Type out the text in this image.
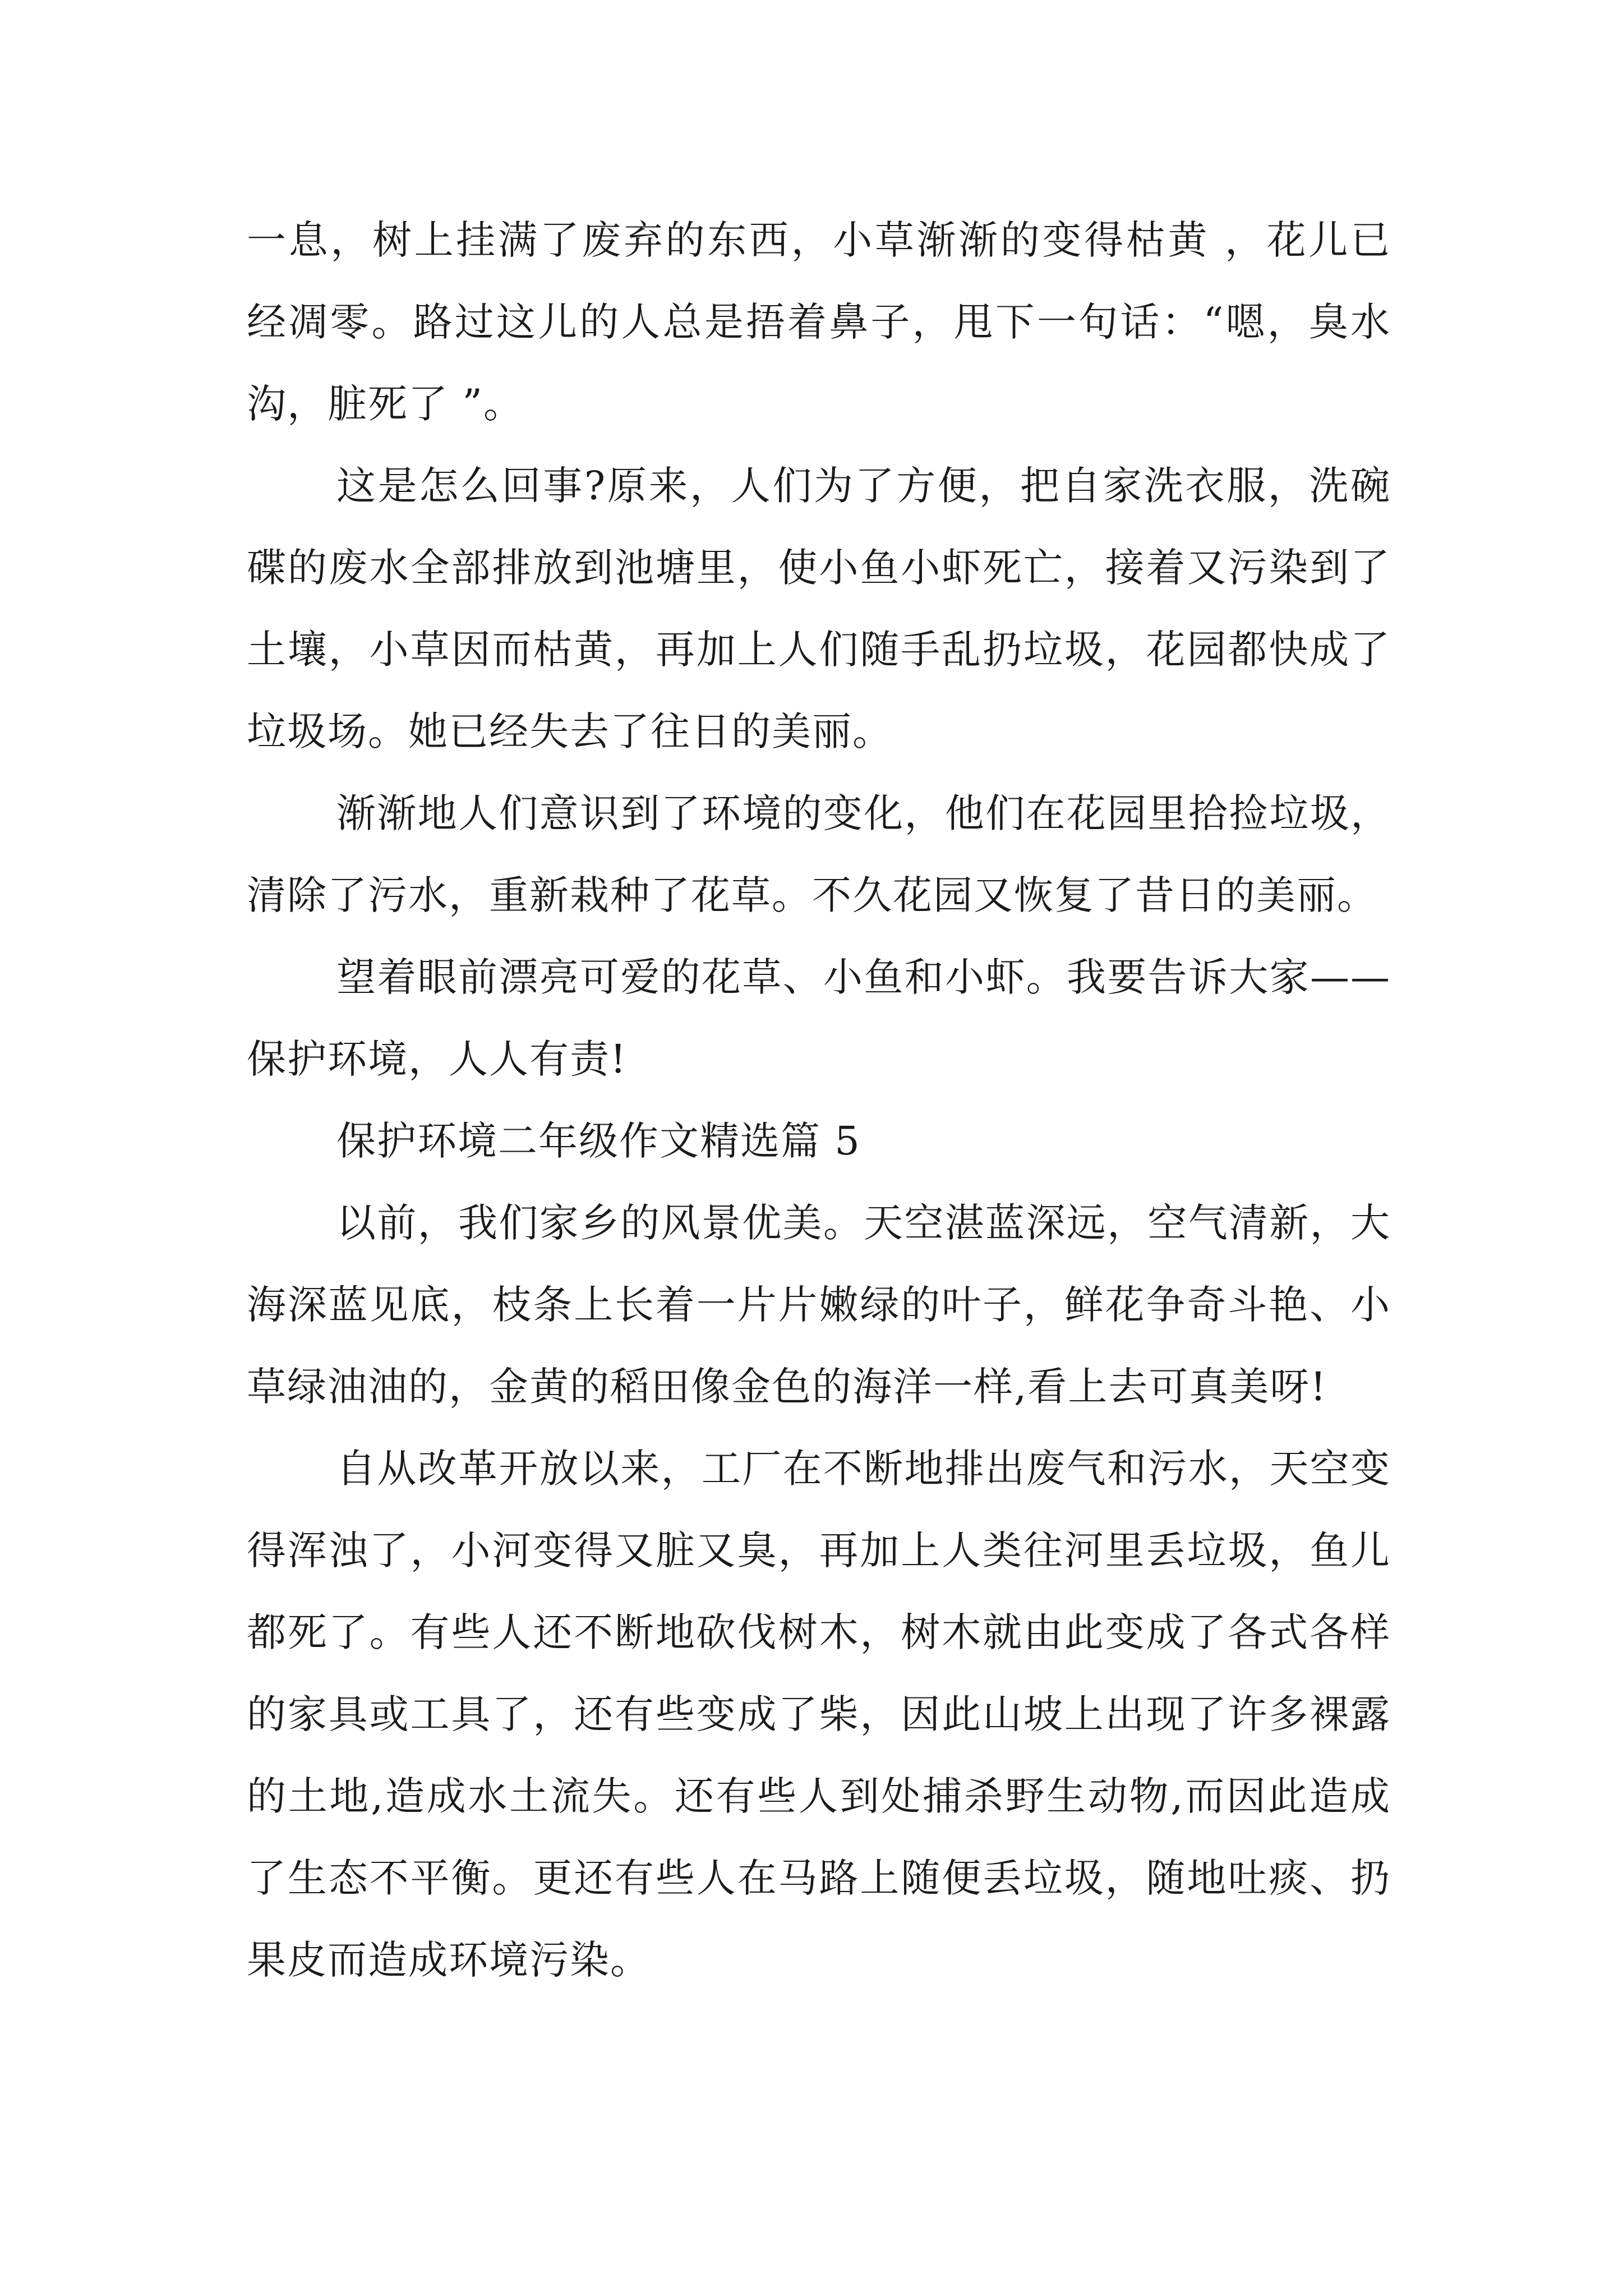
一息，树上挂满了废弃的东西，小草渐渐的变得枯黄 ，花儿已经凋零。路过这儿的人总是捂着鼻子，甩下一句话：“嗯，臭水沟，脏死了 ”。

这是怎么回事?原来，人们为了方便，把自家洗衣服，洗碗碟的废水全部排放到池塘里，使小鱼小虾死亡，接着又污染到了土壤，小草因而枯黄，再加上人们随手乱扔垃圾，花园都快成了垃圾场。她已经失去了往日的美丽。

渐渐地人们意识到了环境的变化，他们在花园里拾捡垃圾，清除了污水，重新栽种了花草。不久花园又恢复了昔日的美丽。

望着眼前漂亮可爱的花草、小鱼和小虾。我要告诉大家——保护环境，人人有责!

保护环境二年级作文精选篇 5

以前，我们家乡的风景优美。天空湛蓝深远，空气清新，大海深蓝见底，枝条上长着一片片嫩绿的叶子，鲜花争奇斗艳、小草绿油油的，金黄的稻田像金色的海洋一样,看上去可真美呀!

自从改革开放以来，工厂在不断地排出废气和污水，天空变得浑浊了，小河变得又脏又臭，再加上人类往河里丢垃圾，鱼儿都死了。有些人还不断地砍伐树木，树木就由此变成了各式各样的家具或工具了，还有些变成了柴，因此山坡上出现了许多裸露的土地,造成水土流失。还有些人到处捕杀野生动物,而因此造成了生态不平衡。更还有些人在马路上随便丢垃圾，随地吐痰、扔果皮而造成环境污染。
